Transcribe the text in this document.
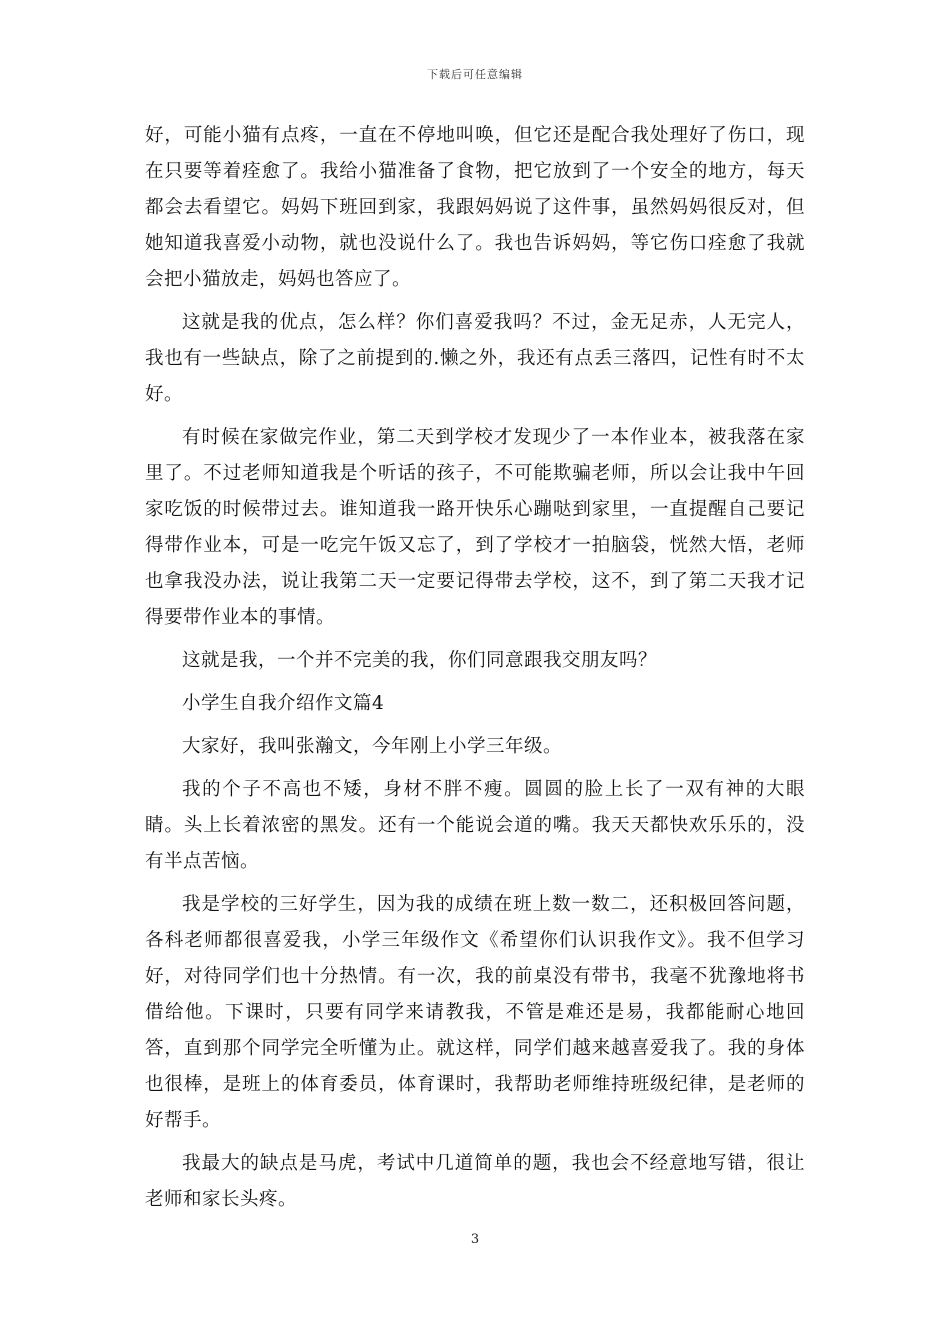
下载后可任意编辑

好，可能小猫有点疼，一直在不停地叫唤，但它还是配合我处理好了伤口，现在只要等着痊愈了。我给小猫准备了食物，把它放到了一个安全的地方，每天都会去看望它。妈妈下班回到家，我跟妈妈说了这件事，虽然妈妈很反对，但她知道我喜爱小动物，就也没说什么了。我也告诉妈妈，等它伤口痊愈了我就会把小猫放走，妈妈也答应了。

这就是我的优点，怎么样？你们喜爱我吗？不过，金无足赤，人无完人，我也有一些缺点，除了之前提到的.懒之外，我还有点丢三落四，记性有时不太好。

有时候在家做完作业，第二天到学校才发现少了一本作业本，被我落在家里了。不过老师知道我是个听话的孩子，不可能欺骗老师，所以会让我中午回家吃饭的时候带过去。谁知道我一路开快乐心蹦哒到家里，一直提醒自己要记得带作业本，可是一吃完午饭又忘了，到了学校才一拍脑袋，恍然大悟，老师也拿我没办法，说让我第二天一定要记得带去学校，这不，到了第二天我才记得要带作业本的事情。

这就是我，一个并不完美的我，你们同意跟我交朋友吗？

小学生自我介绍作文篇4

大家好，我叫张瀚文，今年刚上小学三年级。

我的个子不高也不矮，身材不胖不瘦。圆圆的脸上长了一双有神的大眼睛。头上长着浓密的黑发。还有一个能说会道的嘴。我天天都快欢乐乐的，没有半点苦恼。

我是学校的三好学生，因为我的成绩在班上数一数二，还积极回答问题，各科老师都很喜爱我，小学三年级作文《希望你们认识我作文》。我不但学习好，对待同学们也十分热情。有一次，我的前桌没有带书，我毫不犹豫地将书借给他。下课时，只要有同学来请教我，不管是难还是易，我都能耐心地回答，直到那个同学完全听懂为止。就这样，同学们越来越喜爱我了。我的身体也很棒，是班上的体育委员，体育课时，我帮助老师维持班级纪律，是老师的好帮手。

我最大的缺点是马虎，考试中几道简单的题，我也会不经意地写错，很让老师和家长头疼。

3
